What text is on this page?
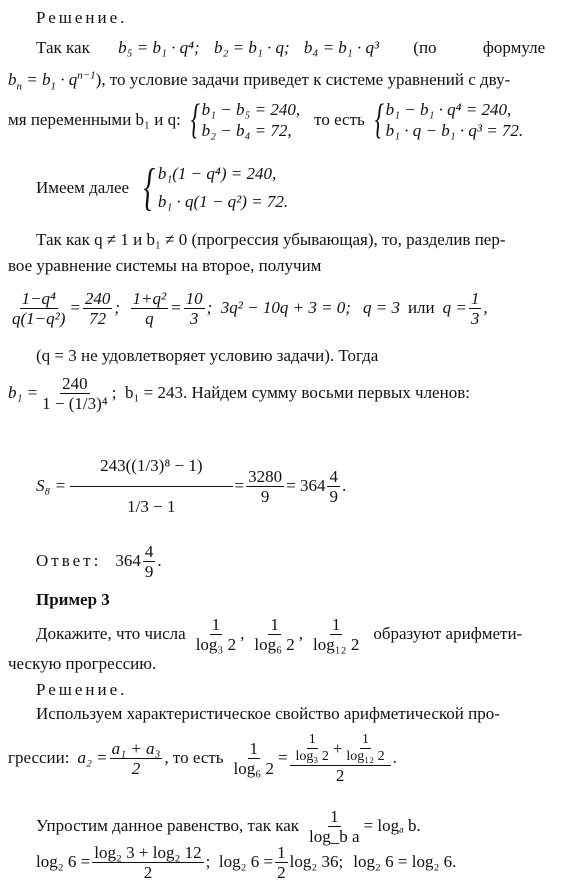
Решение.
Так как b₅ = b₁ · q⁴; b₂ = b₁ · q; b₄ = b₁ · q³ (по	формуле
$b_n = b_1 \cdot q^{n-1}$), то условие задачи приведет к системе уравнений с дву-
мя переменными b₁ и q: { b₁ − b₅ = 240,
b₂ − b₄ = 72,
то есть { b₁ − b₁ · q⁴ = 240,
b₁ · q − b₁ · q³ = 72.
Имеем далее { b₁(1 − q⁴) = 240,
b₁ · q(1 − q²) = 72.
Так как q ≠ 1 и b₁ ≠ 0 (прогрессия убывающая), то, разделив пер-
вое уравнение системы на второе, получим
$\frac{\text{1−q⁴}}{\text{q(1−q²)}} = \frac{240}{72}$ ; $\frac{\text{1+q²}}{q} = \frac{10}{3}$ ; 3q² − 10q + 3 = 0; q = 3 или $q = \frac{1}{3}$ ,
(q = 3 не удовлетворяет условию задачи). Тогда
$b_1 = \frac{240}{\text{1 − (1/3)⁴}}$ ; b₁ = 243. Найдем сумму восьми первых членов:
$S_8 = \frac{\text{243((1/3)⁸ − 1)}}{1/3 - 1} = \frac{3280}{9} = 364$ 4
9
.
Ответ: 364 4
9
.
Пример 3
Докажите, что числа 1
log₃ 2
, 1
log₆ 2
, 1
log₁₂ 2
образуют арифмети-
ческую прогрессию.
Решение.
Используем характеристическое свойство арифметической про-
грессии: $a_2 = \frac{\text{a₁ + a₃}}{2}$ , то есть $\frac{1}{\text{log₆ 2}} = 1$
log₃ $2 + \frac{1}{\text{log₁₂ 2}}$
2 .
Упростим данное равенство, так как $\frac{1}{\text{log\_b a}} = \log_a$ b.
log₂ $6 = \frac{\text{log₂ 3 + log₂ 12}}{2}$ ; log₂ $6 = \frac{1}{2} \log_2$ 36; log₂ 6 = log₂ 6.
